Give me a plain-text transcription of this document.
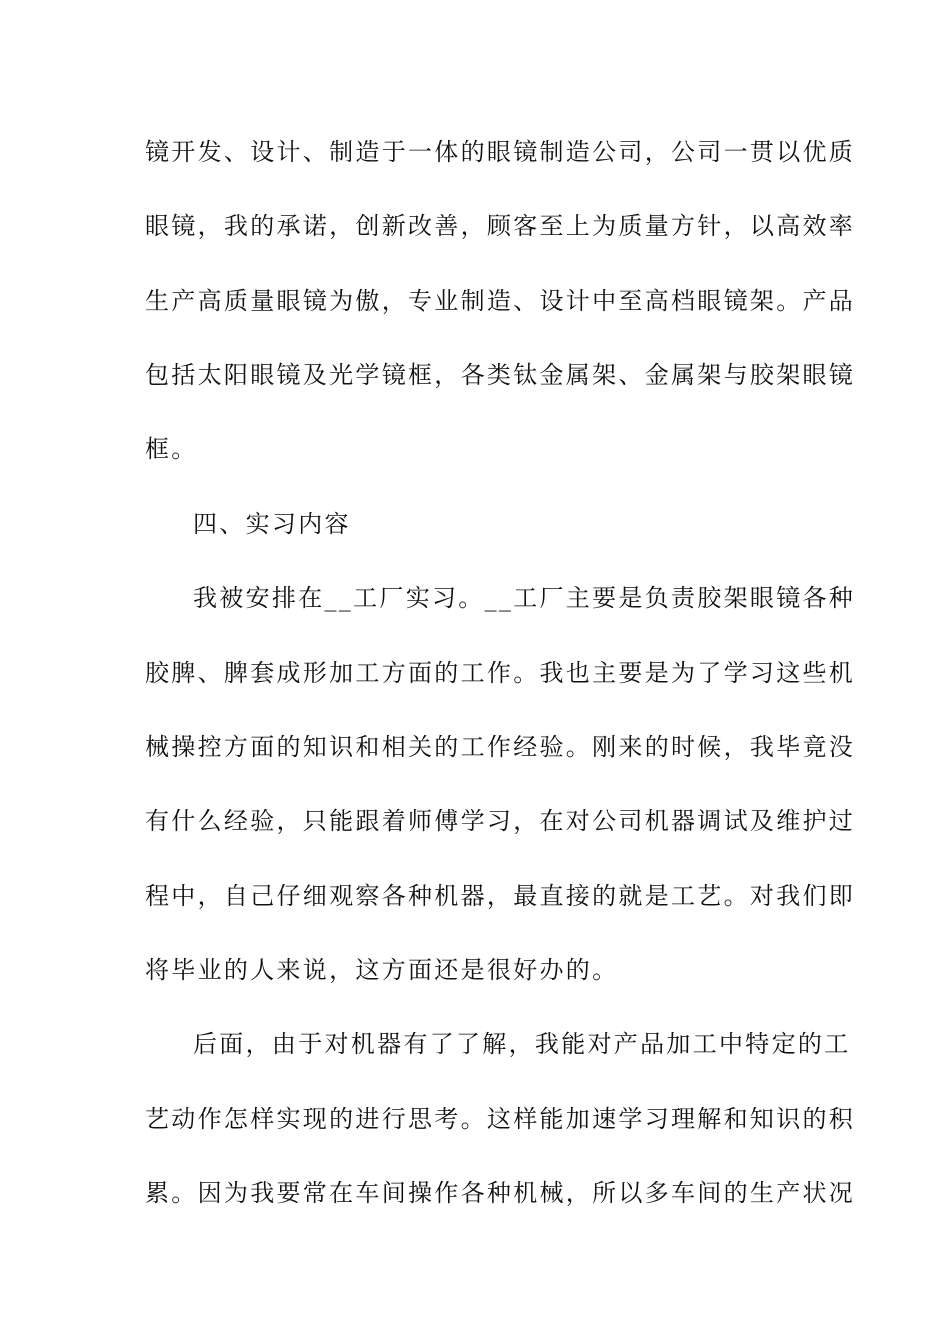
镜开发、设计、制造于一体的眼镜制造公司，公司一贯以优质
眼镜，我的承诺，创新改善，顾客至上为质量方针，以高效率
生产高质量眼镜为傲，专业制造、设计中至高档眼镜架。产品
包括太阳眼镜及光学镜框，各类钛金属架、金属架与胶架眼镜
框。
四、实习内容
我被安排在__工厂实习。__工厂主要是负责胶架眼镜各种
胶脾、脾套成形加工方面的工作。我也主要是为了学习这些机
械操控方面的知识和相关的工作经验。刚来的时候，我毕竟没
有什么经验，只能跟着师傅学习，在对公司机器调试及维护过
程中，自己仔细观察各种机器，最直接的就是工艺。对我们即
将毕业的人来说，这方面还是很好办的。
后面，由于对机器有了了解，我能对产品加工中特定的工
艺动作怎样实现的进行思考。这样能加速学习理解和知识的积
累。因为我要常在车间操作各种机械，所以多车间的生产状况
